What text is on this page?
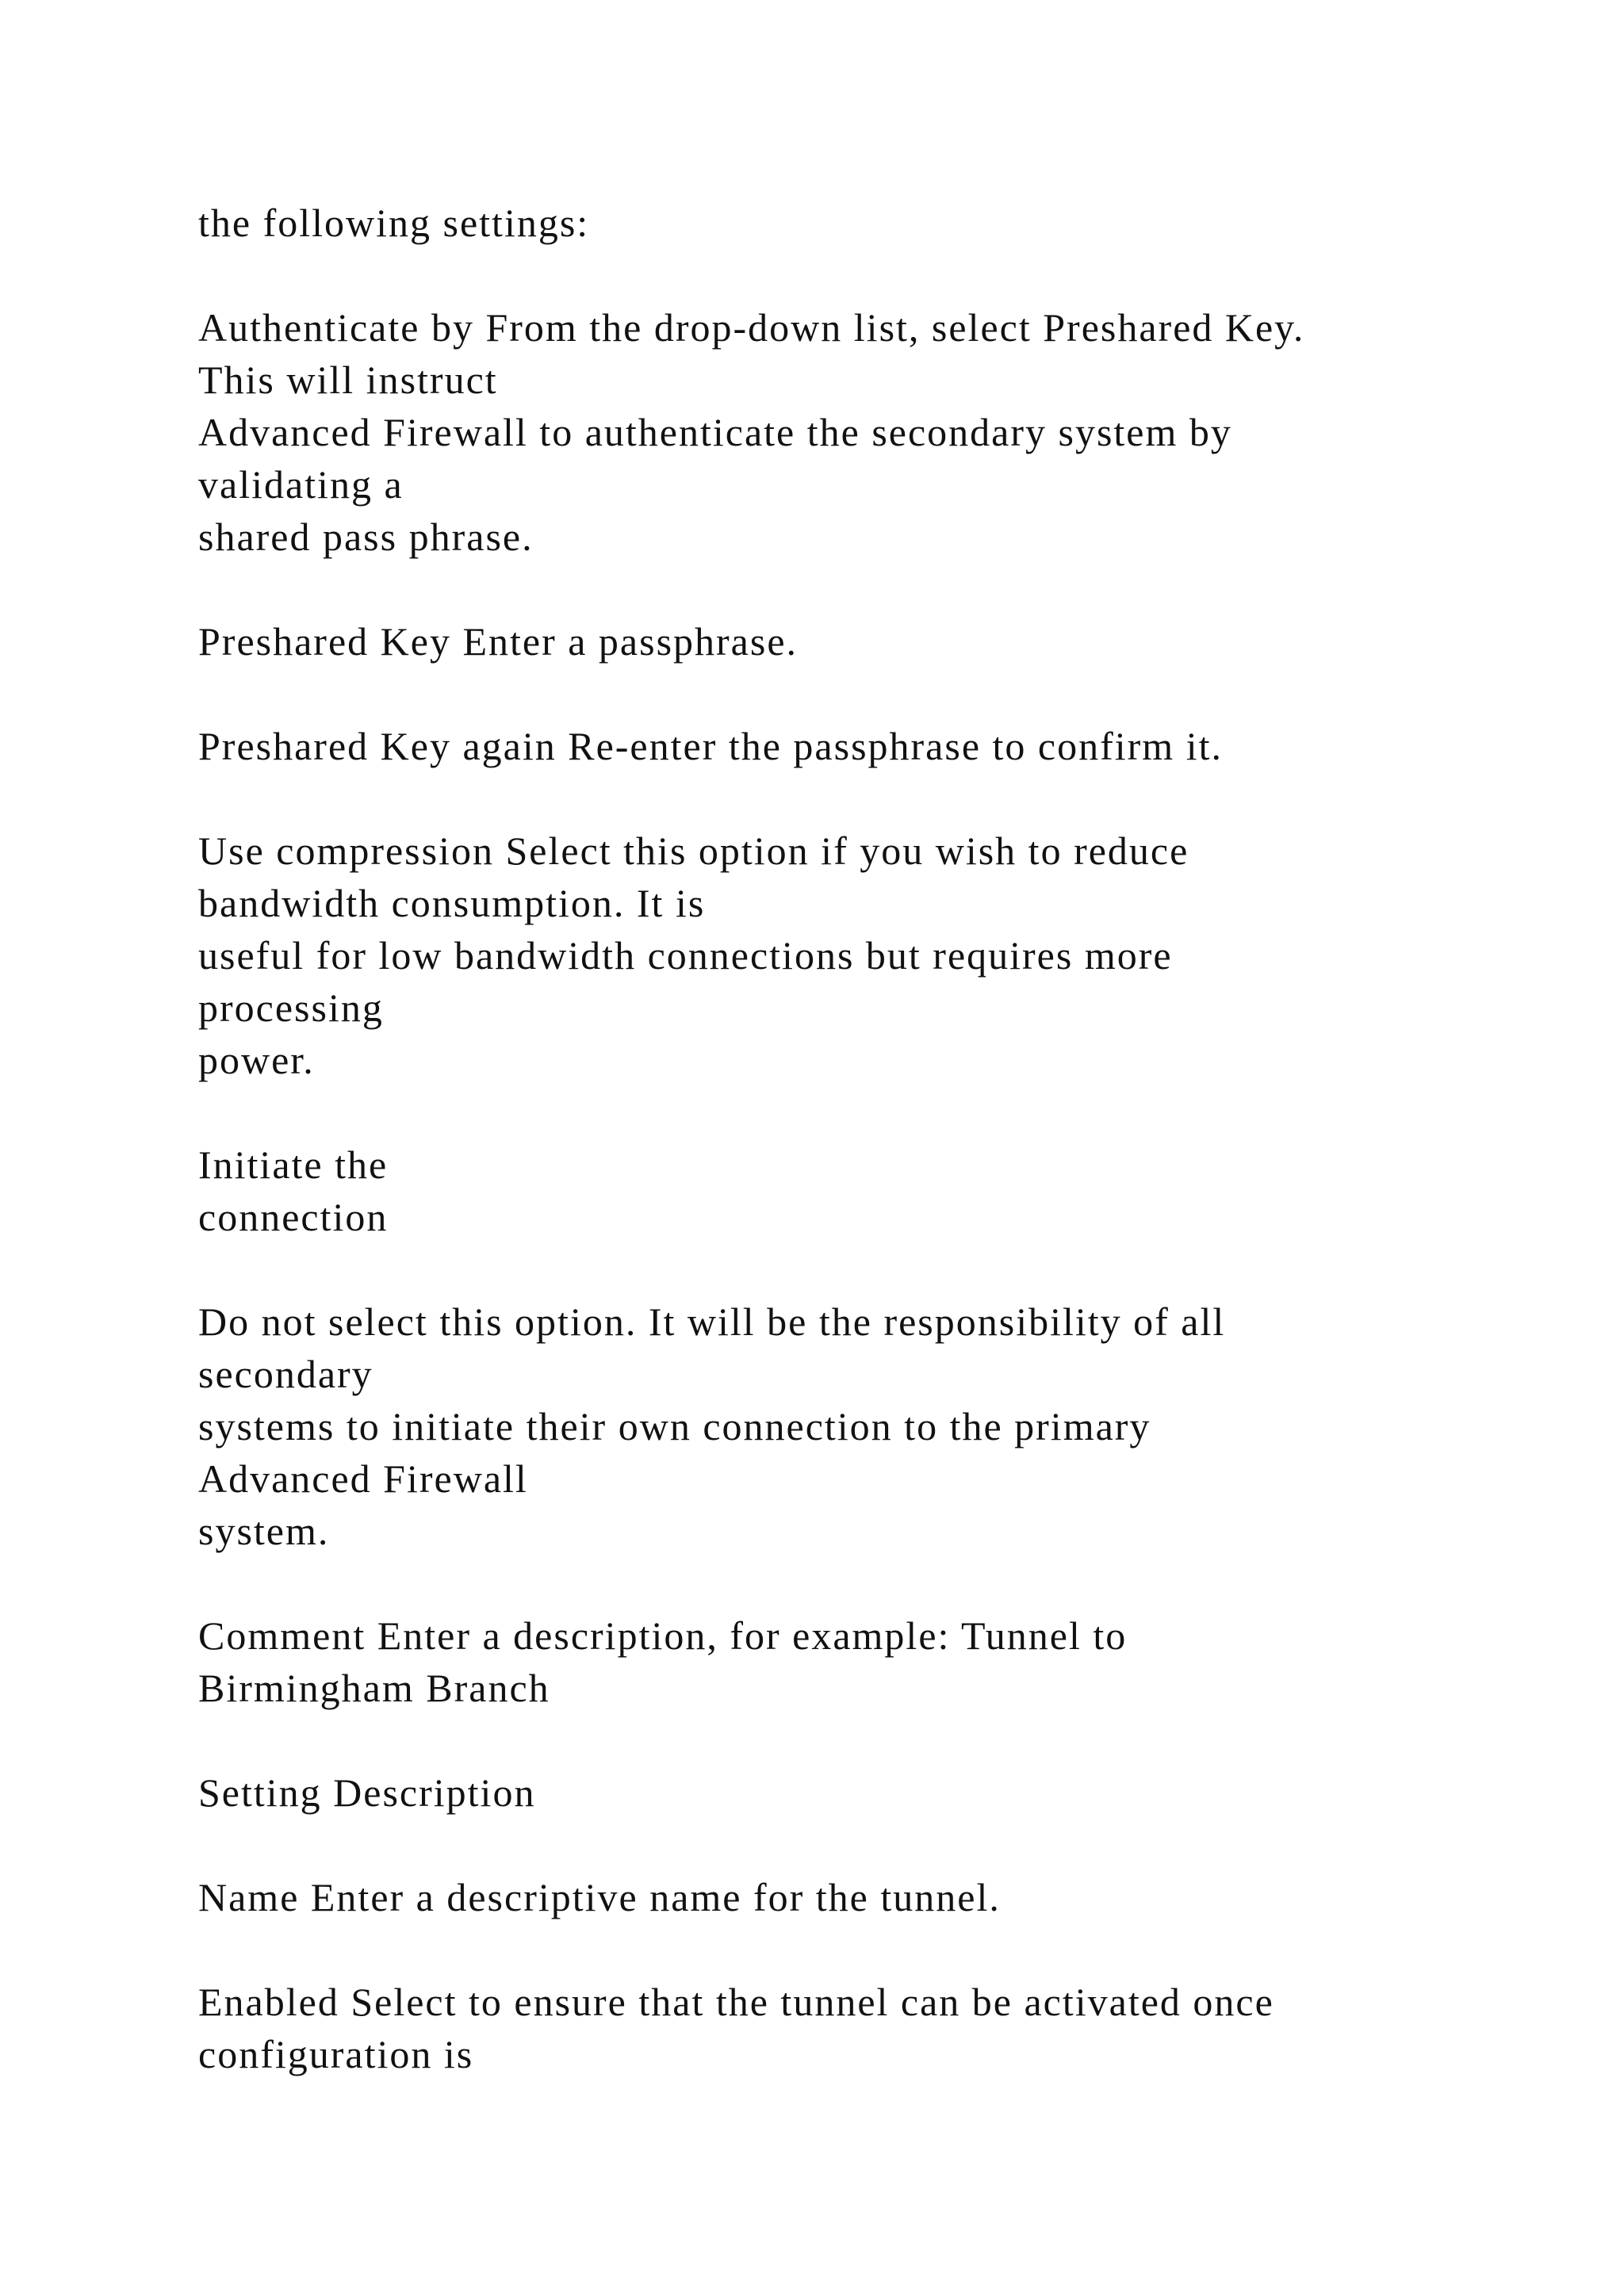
the following settings:
Authenticate by From the drop-down list, select Preshared Key.
This will instruct
Advanced Firewall to authenticate the secondary system by
validating a
shared pass phrase.
Preshared Key Enter a passphrase.
Preshared Key again Re-enter the passphrase to confirm it.
Use compression Select this option if you wish to reduce
bandwidth consumption. It is
useful for low bandwidth connections but requires more
processing
power.
Initiate the
connection
Do not select this option. It will be the responsibility of all
secondary
systems to initiate their own connection to the primary
Advanced Firewall
system.
Comment Enter a description, for example: Tunnel to
Birmingham Branch
Setting Description
Name Enter a descriptive name for the tunnel.
Enabled Select to ensure that the tunnel can be activated once
configuration is
